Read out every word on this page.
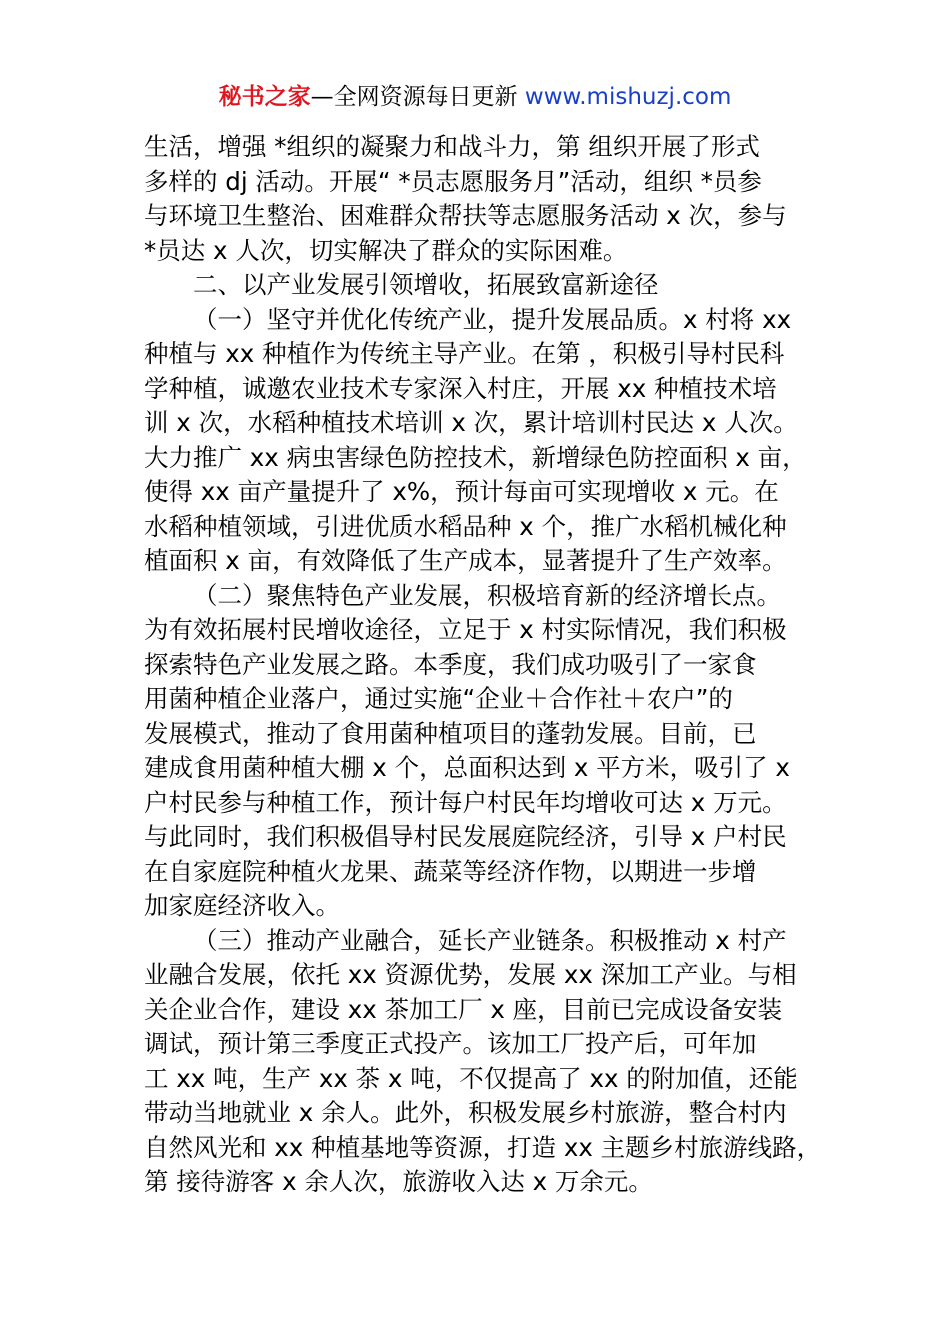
秘书之家—全网资源每日更新 www.mishuzj.com
生活，增强 *组织的凝聚力和战斗力，第 组织开展了形式
多样的 dj 活动。开展“ *员志愿服务月”活动，组织 *员参
与环境卫生整治、困难群众帮扶等志愿服务活动 x 次，参与
*员达 x 人次，切实解决了群众的实际困难。
二、以产业发展引领增收，拓展致富新途径
（一）坚守并优化传统产业，提升发展品质。x 村将 xx
种植与 xx 种植作为传统主导产业。在第 ，积极引导村民科
学种植，诚邀农业技术专家深入村庄，开展 xx 种植技术培
训 x 次，水稻种植技术培训 x 次，累计培训村民达 x 人次。
大力推广 xx 病虫害绿色防控技术，新增绿色防控面积 x 亩，
使得 xx 亩产量提升了 x%，预计每亩可实现增收 x 元。在
水稻种植领域，引进优质水稻品种 x 个，推广水稻机械化种
植面积 x 亩，有效降低了生产成本，显著提升了生产效率。
（二）聚焦特色产业发展，积极培育新的经济增长点。
为有效拓展村民增收途径，立足于 x 村实际情况，我们积极
探索特色产业发展之路。本季度，我们成功吸引了一家食
用菌种植企业落户，通过实施“企业＋合作社＋农户”的
发展模式，推动了食用菌种植项目的蓬勃发展。目前，已
建成食用菌种植大棚 x 个，总面积达到 x 平方米，吸引了 x
户村民参与种植工作，预计每户村民年均增收可达 x 万元。
与此同时，我们积极倡导村民发展庭院经济，引导 x 户村民
在自家庭院种植火龙果、蔬菜等经济作物，以期进一步增
加家庭经济收入。
（三）推动产业融合，延长产业链条。积极推动 x 村产
业融合发展，依托 xx 资源优势，发展 xx 深加工产业。与相
关企业合作，建设 xx 茶加工厂 x 座，目前已完成设备安装
调试，预计第三季度正式投产。该加工厂投产后，可年加
工 xx 吨，生产 xx 茶 x 吨，不仅提高了 xx 的附加值，还能
带动当地就业 x 余人。此外，积极发展乡村旅游，整合村内
自然风光和 xx 种植基地等资源，打造 xx 主题乡村旅游线路，
第 接待游客 x 余人次，旅游收入达 x 万余元。
